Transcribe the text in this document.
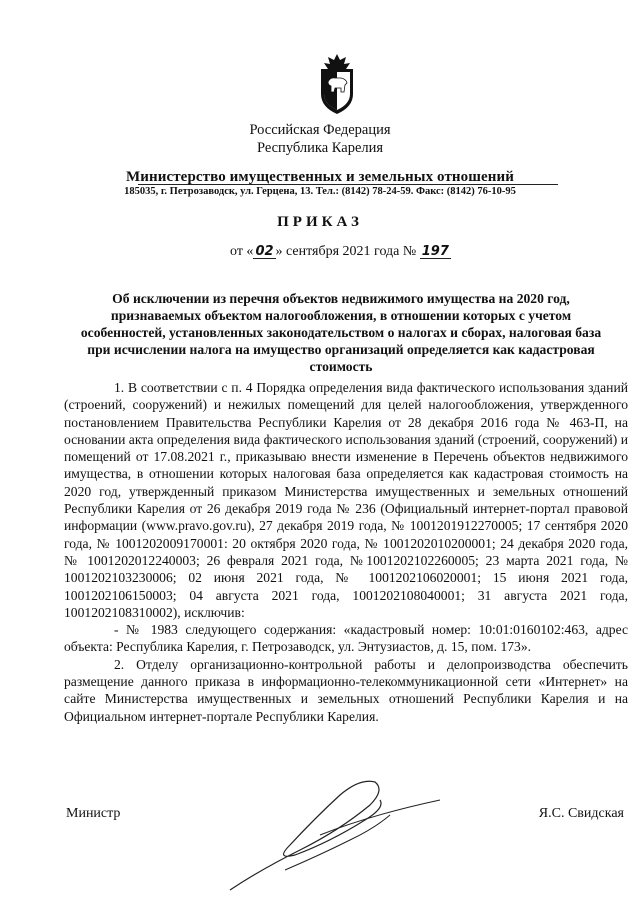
Российская Федерация
Республика Карелия
Министерство имущественных и земельных отношений
185035, г. Петрозаводск, ул. Герцена, 13. Тел.: (8142) 78-24-59. Факс: (8142) 76-10-95
ПРИКАЗ
от « 02 » сентября 2021 года № 197
Об исключении из перечня объектов недвижимого имущества на 2020 год, признаваемых объектом налогообложения, в отношении которых с учетом особенностей, установленных законодательством о налогах и сборах, налоговая база при исчислении налога на имущество организаций определяется как кадастровая стоимость

1. В соответствии с п. 4 Порядка определения вида фактического использования зданий (строений, сооружений) и нежилых помещений для целей налогообложения, утвержденного постановлением Правительства Республики Карелия от 28 декабря 2016 года № 463-П, на основании акта определения вида фактического использования зданий (строений, сооружений) и помещений от 17.08.2021 г., приказываю внести изменение в Перечень объектов недвижимого имущества, в отношении которых налоговая база определяется как кадастровая стоимость на 2020 год, утвержденный приказом Министерства имущественных и земельных отношений Республики Карелия от 26 декабря 2019 года № 236 (Официальный интернет-портал правовой информации (www.pravo.gov.ru), 27 декабря 2019 года, № 1001201912270005; 17 сентября 2020 года, № 1001202009170001: 20 октября 2020 года, № 1001202010200001; 24 декабря 2020 года, № 1001202012240003; 26 февраля 2021 года, №1001202102260005; 23 марта 2021 года, № 1001202103230006; 02 июня 2021 года, № 1001202106020001; 15 июня 2021 года, 1001202106150003; 04 августа 2021 года, 1001202108040001; 31 августа 2021 года, 1001202108310002), исключив:

- № 1983 следующего содержания: «кадастровый номер: 10:01:0160102:463, адрес объекта: Республика Карелия, г. Петрозаводск, ул. Энтузиастов, д. 15, пом. 173».

2. Отделу организационно-контрольной работы и делопроизводства обеспечить размещение данного приказа в информационно-телекоммуникационной сети «Интернет» на сайте Министерства имущественных и земельных отношений Республики Карелия и на Официальном интернет-портале Республики Карелия.

Министр	Я.С. Свидская
